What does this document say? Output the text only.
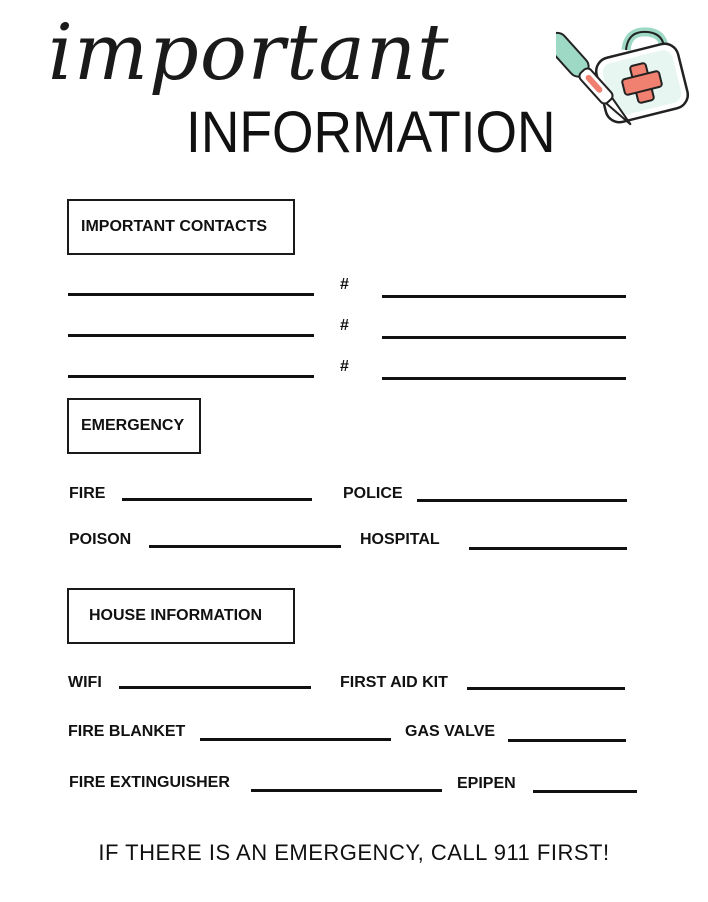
important
INFORMATION
IMPORTANT CONTACTS
#
#
#
EMERGENCY
FIRE	POLICE
POISON	HOSPITAL
HOUSE INFORMATION
WIFI	FIRST AID KIT
FIRE BLANKET	GAS VALVE
FIRE EXTINGUISHER	EPIPEN
IF THERE IS AN EMERGENCY, CALL 911 FIRST!
